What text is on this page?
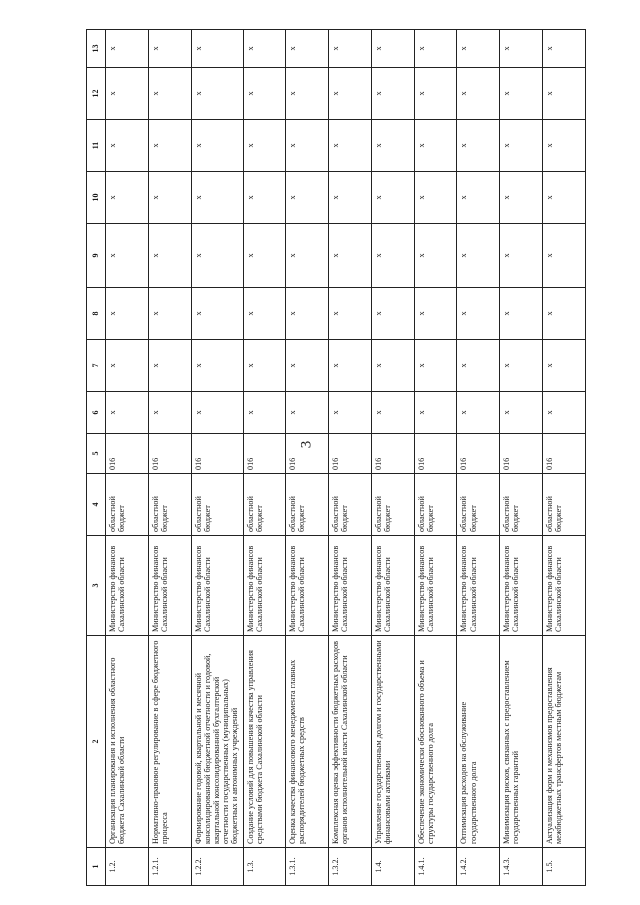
3
1	2	3	4	5	6	7	8	9	10	11	12	13
1.2.	Организация планирования и исполнения областного бюджета Сахалинской области	Министерство финансов Сахалинской области	областной бюджет	016	x	x	x	x	x	x	x	x
1.2.1.	Нормативно-правовое регулирование в сфере бюджетного процесса	Министерство финансов Сахалинской области	областной бюджет	016	x	x	x	x	x	x	x	x
1.2.2.	Формирование годовой, квартальной и месячной консолидированной бюджетной отчетности и годовой, квартальной консолидированной бухгалтерской отчетности государственных (муниципальных) бюджетных и автономных учреждений	Министерство финансов Сахалинской области	областной бюджет	016	x	x	x	x	x	x	x	x
1.3.	Создание условий для повышения качества управления средствами бюджета Сахалинской области	Министерство финансов Сахалинской области	областной бюджет	016	x	x	x	x	x	x	x	x
1.3.1.	Оценка качества финансового менеджмента главных распорядителей бюджетных средств	Министерство финансов Сахалинской области	областной бюджет	016	x	x	x	x	x	x	x	x
1.3.2.	Комплексная оценка эффективности бюджетных расходов органов исполнительной власти Сахалинской области	Министерство финансов Сахалинской области	областной бюджет	016	x	x	x	x	x	x	x	x
1.4.	Управление государственным долгом и государственными финансовыми активами	Министерство финансов Сахалинской области	областной бюджет	016	x	x	x	x	x	x	x	x
1.4.1.	Обеспечение экономически обоснованного объема и структуры государственного долга	Министерство финансов Сахалинской области	областной бюджет	016	x	x	x	x	x	x	x	x
1.4.2.	Оптимизация расходов на обслуживание государственного долга	Министерство финансов Сахалинской области	областной бюджет	016	x	x	x	x	x	x	x	x
1.4.3.	Минимизация рисков, связанных с предоставлением государственных гарантий	Министерство финансов Сахалинской области	областной бюджет	016	x	x	x	x	x	x	x	x
1.5.	Актуализация форм и механизмов предоставления межбюджетных трансфертов местным бюджетам	Министерство финансов Сахалинской области	областной бюджет	016	x	x	x	x	x	x	x	x
